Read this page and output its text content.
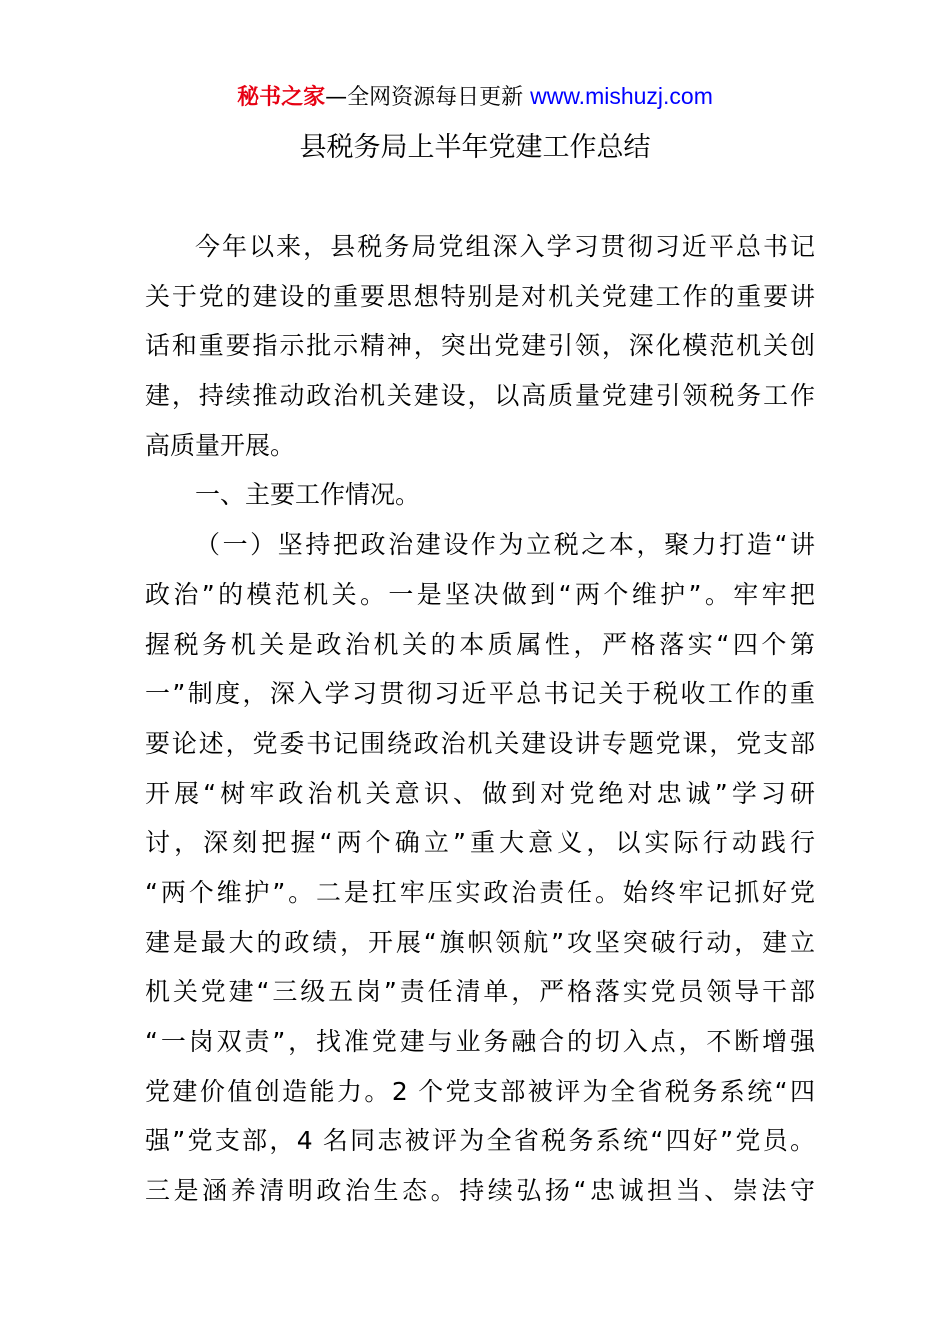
秘书之家—全网资源每日更新 www.mishuzj.com
县税务局上半年党建工作总结
今年以来，县税务局党组深入学习贯彻习近平总书记
关于党的建设的重要思想特别是对机关党建工作的重要讲
话和重要指示批示精神，突出党建引领，深化模范机关创
建，持续推动政治机关建设，以高质量党建引领税务工作
高质量开展。
一、主要工作情况。
（一）坚持把政治建设作为立税之本，聚力打造“讲
政治”的模范机关。一是坚决做到“两个维护”。牢牢把
握税务机关是政治机关的本质属性，严格落实“四个第
一”制度，深入学习贯彻习近平总书记关于税收工作的重
要论述，党委书记围绕政治机关建设讲专题党课，党支部
开展“树牢政治机关意识、做到对党绝对忠诚”学习研
讨，深刻把握“两个确立”重大意义，以实际行动践行
“两个维护”。二是扛牢压实政治责任。始终牢记抓好党
建是最大的政绩，开展“旗帜领航”攻坚突破行动，建立
机关党建“三级五岗”责任清单，严格落实党员领导干部
“一岗双责”，找准党建与业务融合的切入点，不断增强
党建价值创造能力。2 个党支部被评为全省税务系统“四
强”党支部，4 名同志被评为全省税务系统“四好”党员。
三是涵养清明政治生态。持续弘扬“忠诚担当、崇法守
